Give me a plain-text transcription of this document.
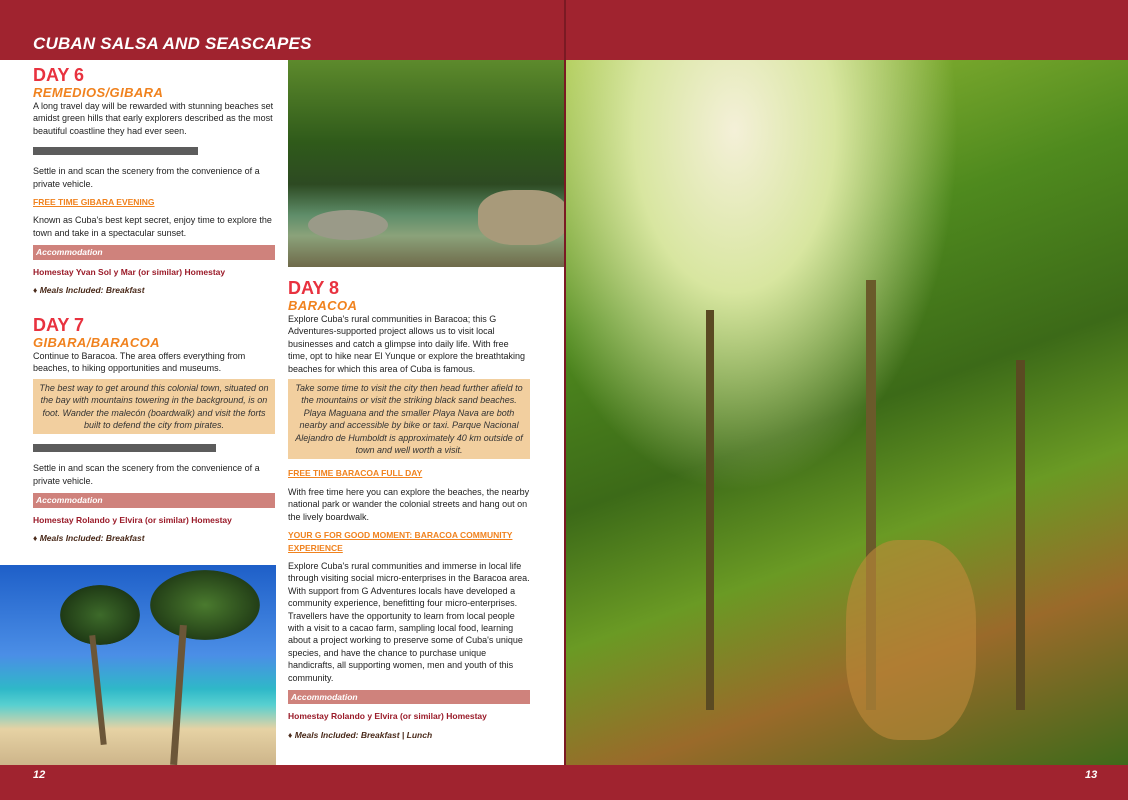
CUBAN SALSA AND SEASCAPES
DAY 6
REMEDIOS/GIBARA

A long travel day will be rewarded with stunning beaches set amidst green hills that early explorers described as the most beautiful coastline they had ever seen.

Settle in and scan the scenery from the convenience of a private vehicle.

FREE TIME GIBARA EVENING

Known as Cuba's best kept secret, enjoy time to explore the town and take in a spectacular sunset.

Accommodation
Homestay Yvan Sol y Mar (or similar) Homestay
♦ Meals Included: Breakfast
DAY 7
GIBARA/BARACOA

Continue to Baracoa. The area offers everything from beaches, to hiking opportunities and museums.

The best way to get around this colonial town, situated on the bay with mountains towering in the background, is on foot. Wander the malecón (boardwalk) and visit the forts built to defend the city from pirates.

Settle in and scan the scenery from the convenience of a private vehicle.

Accommodation
Homestay Rolando y Elvira (or similar) Homestay
♦ Meals Included: Breakfast
DAY 8
BARACOA

Explore Cuba's rural communities in Baracoa; this G Adventures-supported project allows us to visit local businesses and catch a glimpse into daily life. With free time, opt to hike near El Yunque or explore the breathtaking beaches for which this area of Cuba is famous.

Take some time to visit the city then head further afield to the mountains or visit the striking black sand beaches. Playa Maguana and the smaller Playa Nava are both nearby and accessible by bike or taxi. Parque Nacional Alejandro de Humboldt is approximately 40 km outside of town and well worth a visit.
FREE TIME BARACOA FULL DAY

With free time here you can explore the beaches, the nearby national park or wander the colonial streets and hang out on the lively boardwalk.

YOUR G FOR GOOD MOMENT: BARACOA COMMUNITY EXPERIENCE

Explore Cuba's rural communities and immerse in local life through visiting social micro-enterprises in the Baracoa area. With support from G Adventures locals have developed a community experience, benefitting four micro-enterprises. Travellers have the opportunity to learn from local people with a visit to a cacao farm, sampling local food, learning about a project working to preserve some of Cuba's unique species, and have the chance to purchase unique handicrafts, all supporting women, men and youth of this community.

Accommodation
Homestay Rolando y Elvira (or similar) Homestay
♦ Meals Included: Breakfast | Lunch
12	13
